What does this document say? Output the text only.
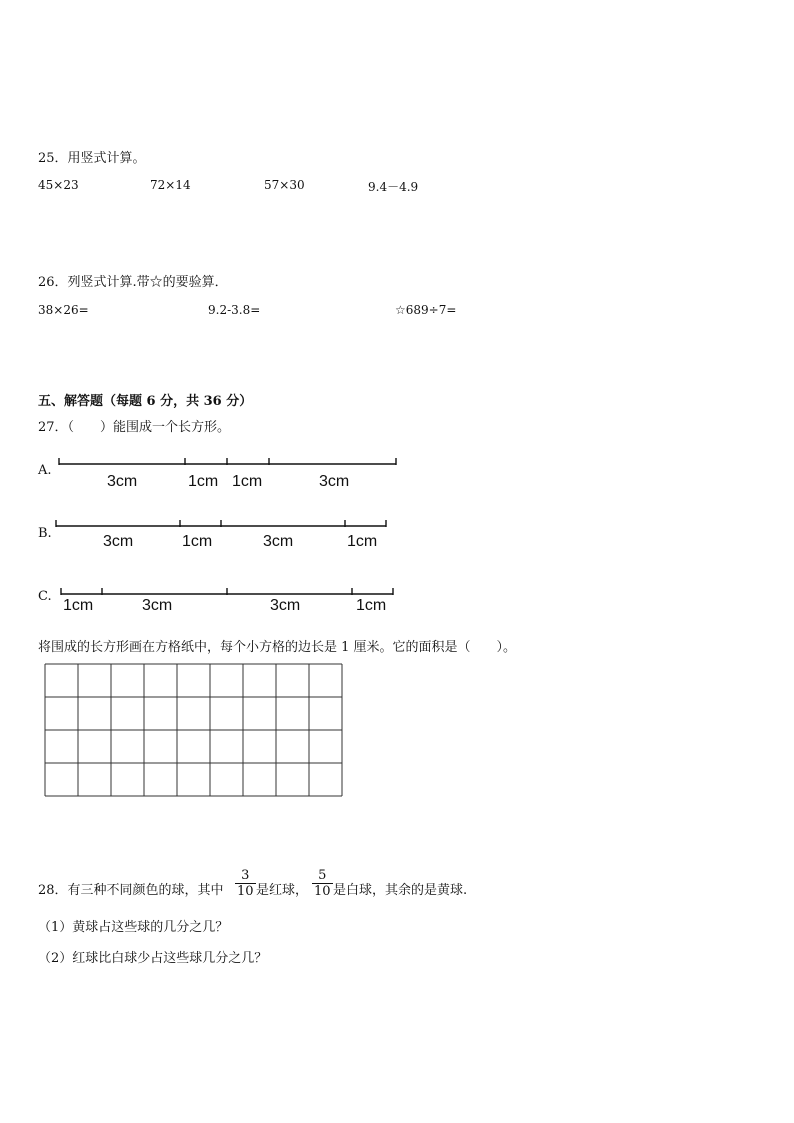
25．用竖式计算。
45×23	72×14	57×30	9.4－4.9
26．列竖式计算.带☆的要验算．
38×26=	9.2-3.8=	☆689÷7=
五、解答题（每题 6 分，共 36 分）
27．（　　）能围成一个长方形。
A.
3cm	1cm 1cm	3cm
B.	3cm	1cm	3cm	1cm
C.
1cm	3cm	3cm	1cm
将围成的长方形画在方格纸中，每个小方格的边长是 1 厘米。它的面积是（　　）。
28．有三种不同颜色的球，其中 $\frac{3}{10}$ 是红球， $\frac{5}{10}$ 是白球，其余的是黄球.
（1）黄球占这些球的几分之几？
（2）红球比白球少占这些球几分之几？
